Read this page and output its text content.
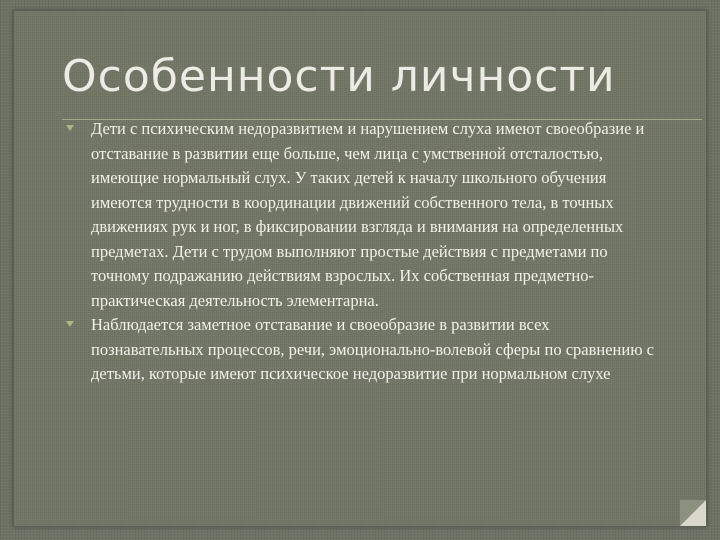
Особенности личности
Дети с психическим недоразвитием и нарушением слуха имеют своеобразие и отставание в развитии еще больше, чем лица с умственной отсталостью, имеющие нормальный слух. У таких детей к началу школьного обучения имеются трудности в координации движений собственного тела, в точных движениях рук и ног, в фиксировании взгляда и внимания на определенных предметах. Дети с трудом выполняют простые действия с предметами по точному подражанию действиям взрослых. Их собственная предметно-практическая деятельность элементарна.
Наблюдается заметное отставание и своеобразие в развитии всех познавательных процессов, речи, эмоционально-волевой сферы по сравнению с детьми, которые имеют психическое недоразвитие при нормальном слухе
